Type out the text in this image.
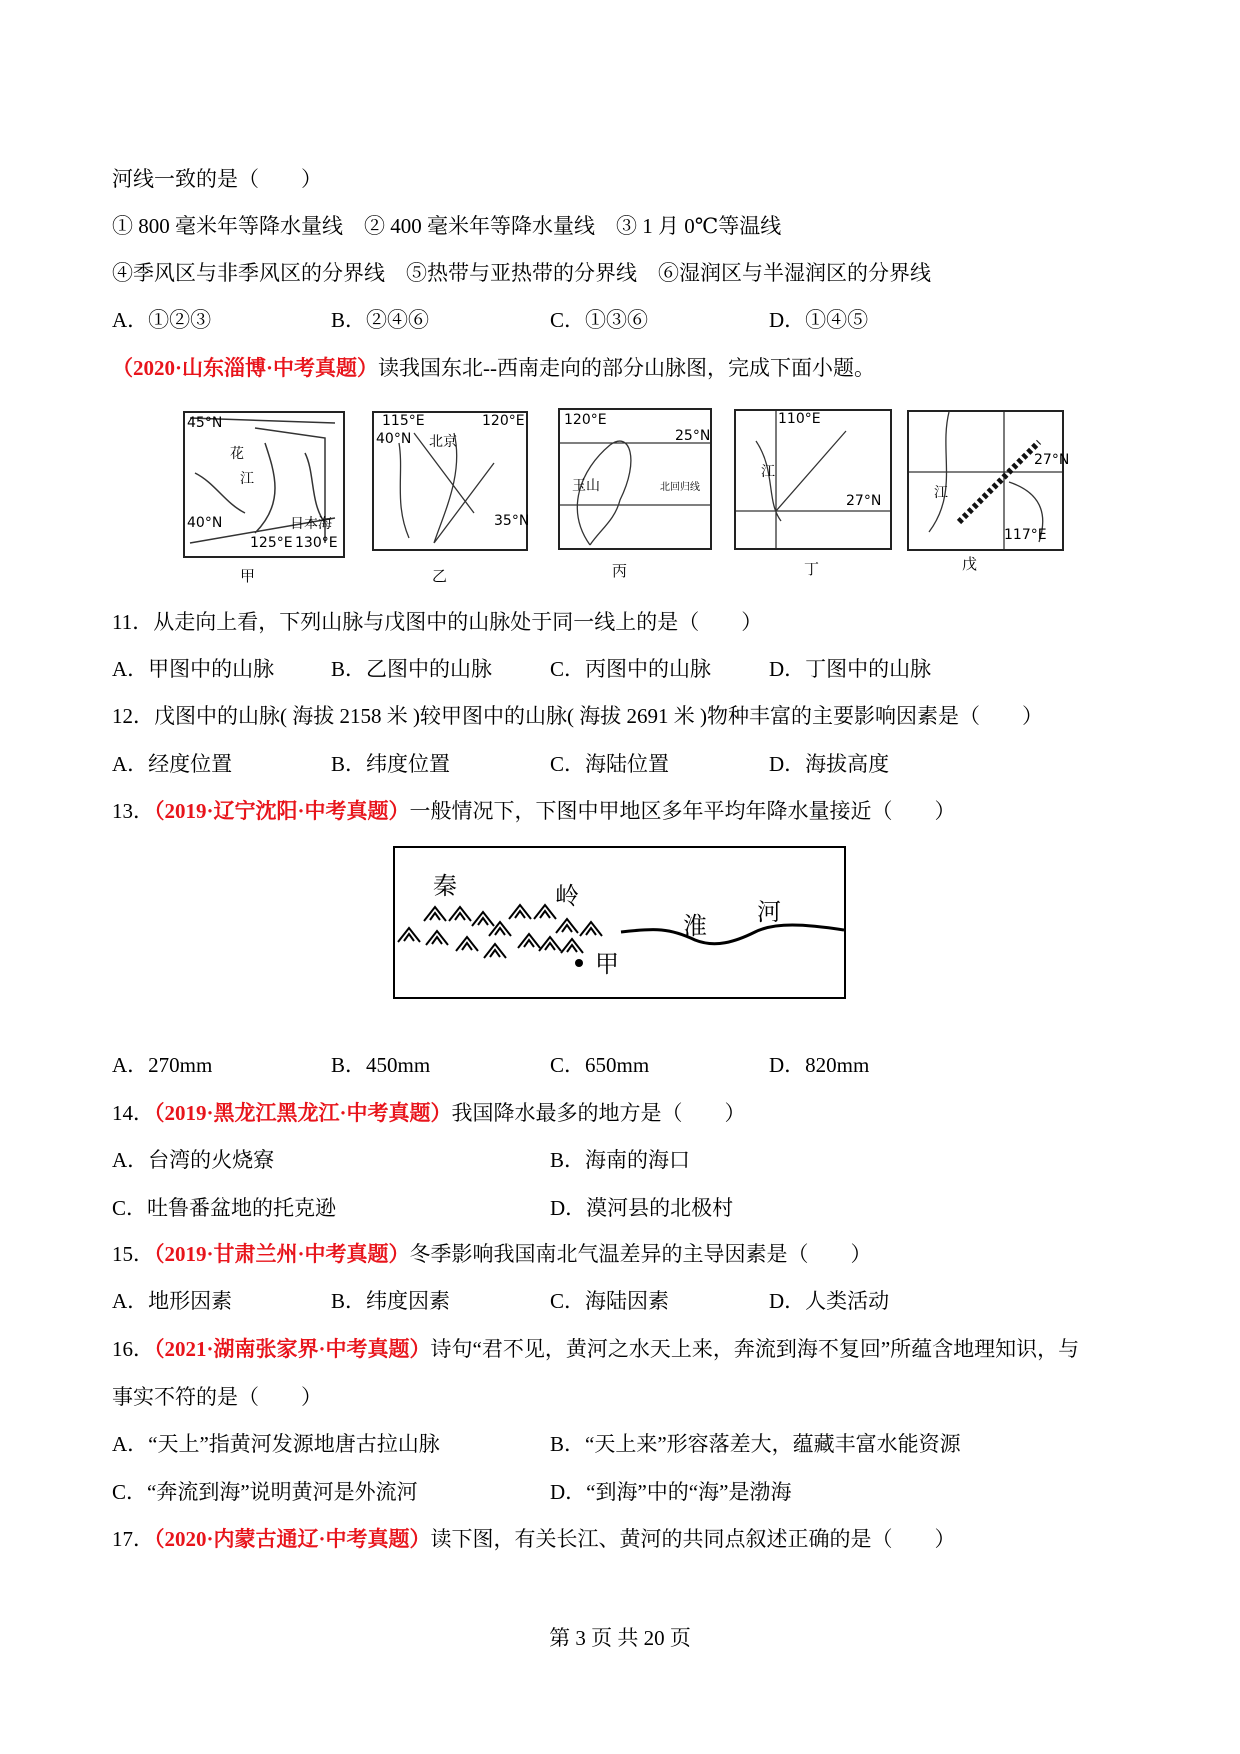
河线一致的是（　　）
① 800 毫米年等降水量线　② 400 毫米年等降水量线　③ 1 月 0℃等温线
④季风区与非季风区的分界线　⑤热带与亚热带的分界线　⑥湿润区与半湿润区的分界线
A．①②③	B．②④⑥	C．①③⑥	D．①④⑤
（2020·山东淄博·中考真题）读我国东北--西南走向的部分山脉图，完成下面小题。
45°N
花
江
40°N
125°E 130°E
日本海
甲
115°E	120°E
40°N 北京
35°N
乙
120°E
25°N
玉山	北回归线
丙
110°E
27°N
江
丁
27°N
117°E
江
戊
11．从走向上看，下列山脉与戊图中的山脉处于同一线上的是（　　）
A．甲图中的山脉	B．乙图中的山脉	C．丙图中的山脉	D．丁图中的山脉
12．戊图中的山脉( 海拔 2158 米 )较甲图中的山脉( 海拔 2691 米 )物种丰富的主要影响因素是（　　）
A．经度位置	B．纬度位置	C．海陆位置	D．海拔高度
13．（2019·辽宁沈阳·中考真题）一般情况下，下图中甲地区多年平均年降水量接近（　　）
秦	岭
淮
河
甲
A．270mm	B．450mm	C．650mm	D．820mm
14．（2019·黑龙江黑龙江·中考真题）我国降水最多的地方是（　　）
A．台湾的火烧寮	B．海南的海口
C．吐鲁番盆地的托克逊	D．漠河县的北极村
15．（2019·甘肃兰州·中考真题）冬季影响我国南北气温差异的主导因素是（　　）
A．地形因素	B．纬度因素	C．海陆因素	D．人类活动
16．（2021·湖南张家界·中考真题）诗句“君不见，黄河之水天上来，奔流到海不复回”所蕴含地理知识，与
事实不符的是（　　）
A．“天上”指黄河发源地唐古拉山脉	B．“天上来”形容落差大，蕴藏丰富水能资源
C．“奔流到海”说明黄河是外流河	D．“到海”中的“海”是渤海
17．（2020·内蒙古通辽·中考真题）读下图，有关长江、黄河的共同点叙述正确的是（　　）
第 3 页 共 20 页
